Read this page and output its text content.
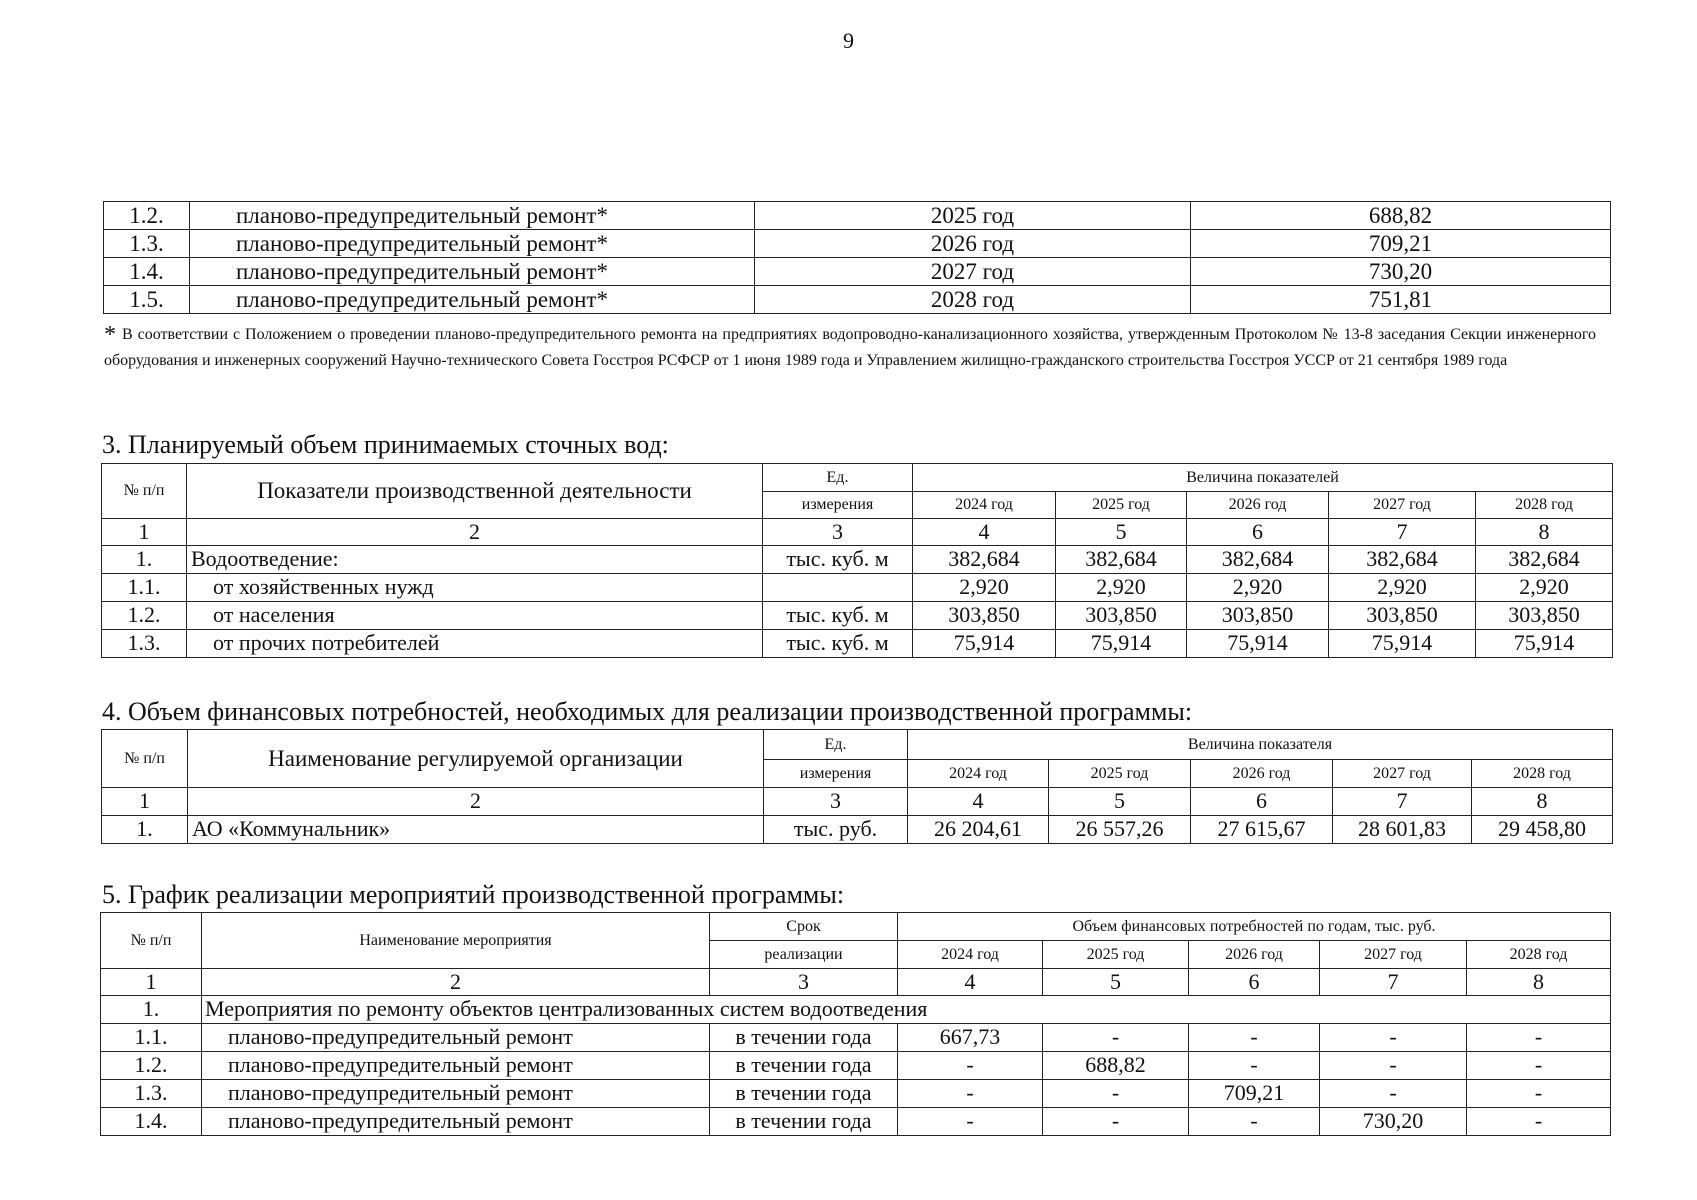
9
1.2.	планово-предупредительный ремонт*	2025 год	688,82
1.3.	планово-предупредительный ремонт*	2026 год	709,21
1.4.	планово-предупредительный ремонт*	2027 год	730,20
1.5.	планово-предупредительный ремонт*	2028 год	751,81
* В соответствии с Положением о проведении планово-предупредительного ремонта на предприятиях водопроводно-канализационного хозяйства, утвержденным Протоколом № 13-8 заседания Секции инженерного оборудования и инженерных сооружений Научно-технического Совета Госстроя РСФСР от 1 июня 1989 года и Управлением жилищно-гражданского строительства Госстроя УССР от 21 сентября 1989 года
3. Планируемый объем принимаемых сточных вод:
№ п/п	Показатели производственной деятельности	Ед.	Величина показателей				
		измерения	2024 год	2025 год	2026 год	2027 год	2028 год
1	2	3	4	5	6	7	8
1.	Водоотведение:	тыс. куб. м	382,684	382,684	382,684	382,684	382,684
1.1.	от хозяйственных нужд		2,920	2,920	2,920	2,920	2,920
1.2.	от населения	тыс. куб. м	303,850	303,850	303,850	303,850	303,850
1.3.	от прочих потребителей	тыс. куб. м	75,914	75,914	75,914	75,914	75,914
4. Объем финансовых потребностей, необходимых для реализации производственной программы:
№ п/п	Наименование регулируемой организации	Ед.	Величина показателя				
		измерения	2024 год	2025 год	2026 год	2027 год	2028 год
1	2	3	4	5	6	7	8
1.	АО «Коммунальник»	тыс. руб.	26 204,61	26 557,26	27 615,67	28 601,83	29 458,80
5. График реализации мероприятий производственной программы:
№ п/п	Наименование мероприятия	Срок	Объем финансовых потребностей по годам, тыс. руб.				
		реализации	2024 год	2025 год	2026 год	2027 год	2028 год
1	2	3	4	5	6	7	8
1.	Мероприятия по ремонту объектов централизованных систем водоотведения						
1.1.	планово-предупредительный ремонт	в течении года	667,73	-	-	-	-
1.2.	планово-предупредительный ремонт	в течении года	-	688,82	-	-	-
1.3.	планово-предупредительный ремонт	в течении года	-	-	709,21	-	-
1.4.	планово-предупредительный ремонт	в течении года	-	-	-	730,20	-
